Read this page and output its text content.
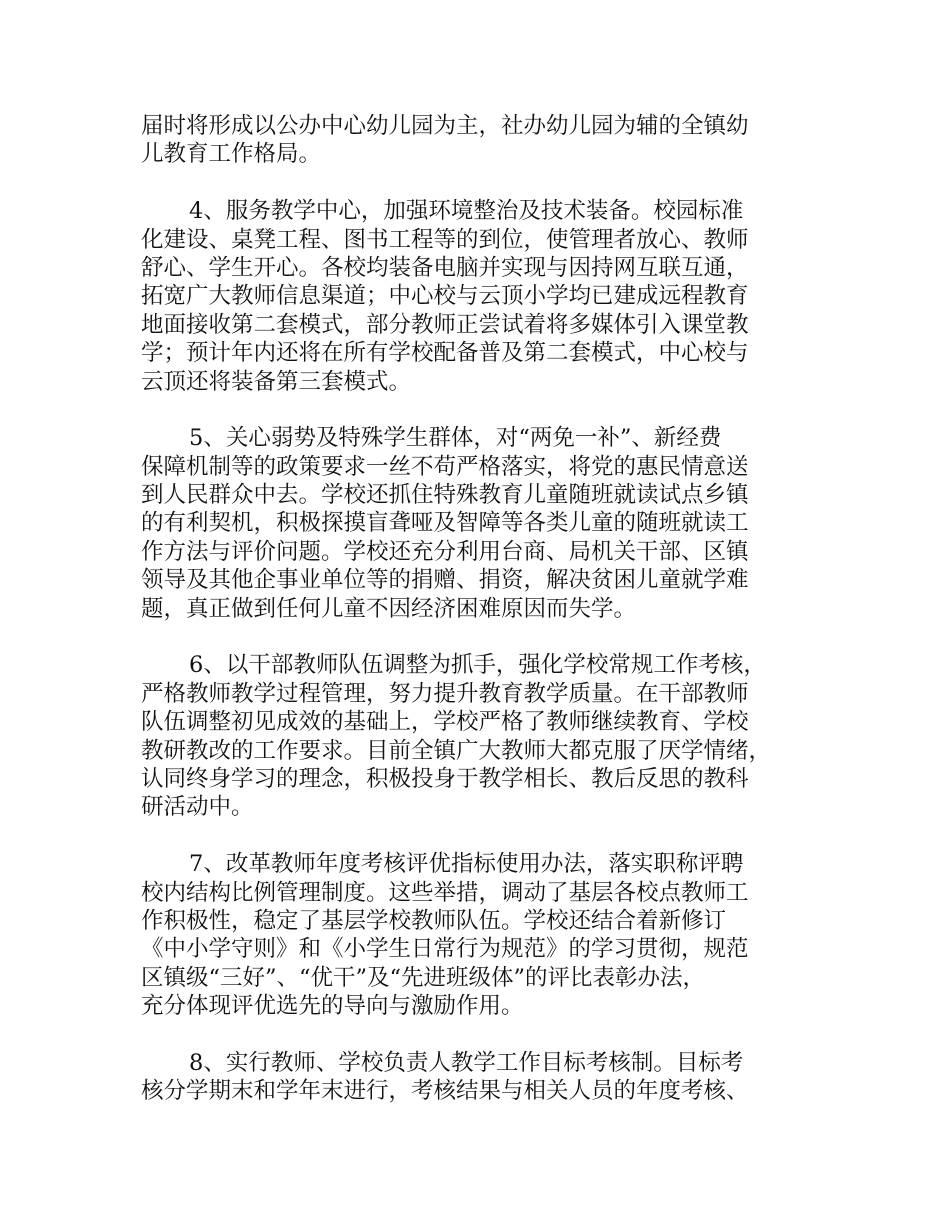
届时将形成以公办中心幼儿园为主，社办幼儿园为辅的全镇幼
儿教育工作格局。
4、服务教学中心，加强环境整治及技术装备。校园标准
化建设、桌凳工程、图书工程等的到位，使管理者放心、教师
舒心、学生开心。各校均装备电脑并实现与因持网互联互通，
拓宽广大教师信息渠道；中心校与云顶小学均已建成远程教育
地面接收第二套模式，部分教师正尝试着将多媒体引入课堂教
学；预计年内还将在所有学校配备普及第二套模式，中心校与
云顶还将装备第三套模式。
5、关心弱势及特殊学生群体，对“两免一补”、新经费
保障机制等的政策要求一丝不苟严格落实，将党的惠民情意送
到人民群众中去。学校还抓住特殊教育儿童随班就读试点乡镇
的有利契机，积极探摸盲聋哑及智障等各类儿童的随班就读工
作方法与评价问题。学校还充分利用台商、局机关干部、区镇
领导及其他企事业单位等的捐赠、捐资，解决贫困儿童就学难
题，真正做到任何儿童不因经济困难原因而失学。
6、以干部教师队伍调整为抓手，强化学校常规工作考核，
严格教师教学过程管理，努力提升教育教学质量。在干部教师
队伍调整初见成效的基础上，学校严格了教师继续教育、学校
教研教改的工作要求。目前全镇广大教师大都克服了厌学情绪，
认同终身学习的理念，积极投身于教学相长、教后反思的教科
研活动中。
7、改革教师年度考核评优指标使用办法，落实职称评聘
校内结构比例管理制度。这些举措，调动了基层各校点教师工
作积极性，稳定了基层学校教师队伍。学校还结合着新修订
《中小学守则》和《小学生日常行为规范》的学习贯彻，规范
区镇级“三好”、“优干”及“先进班级体”的评比表彰办法，
充分体现评优选先的导向与激励作用。
8、实行教师、学校负责人教学工作目标考核制。目标考
核分学期末和学年末进行，考核结果与相关人员的年度考核、
